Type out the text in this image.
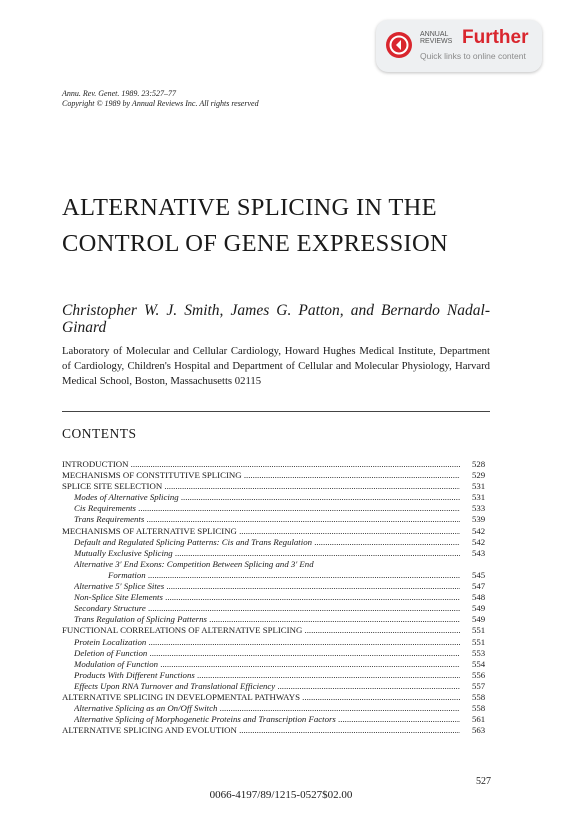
ANNUAL
REVIEWS Further
Quick links to online content
Annu. Rev. Genet. 1989. 23:527–77
Copyright © 1989 by Annual Reviews Inc. All rights reserved
ALTERNATIVE SPLICING IN THE
CONTROL OF GENE EXPRESSION
Christopher W. J. Smith, James G. Patton, and Bernardo Nadal-Ginard
Laboratory of Molecular and Cellular Cardiology, Howard Hughes Medical Institute, Department of Cardiology, Children's Hospital and Department of Cellular and Molecular Physiology, Harvard Medical School, Boston, Massachusetts 02115
CONTENTS
INTRODUCTION .....	528
MECHANISMS OF CONSTITUTIVE SPLICING .....	529
SPLICE SITE SELECTION .....	531
Modes of Alternative Splicing .....	531
Cis Requirements .....	533
Trans Requirements .....	539
MECHANISMS OF ALTERNATIVE SPLICING .....	542
Default and Regulated Splicing Patterns: Cis and Trans Regulation .....	542
Mutually Exclusive Splicing .....	543
Alternative 3′ End Exons: Competition Between Splicing and 3′ End
Formation .....	545
Alternative 5′ Splice Sites .....	547
Non-Splice Site Elements .....	548
Secondary Structure .....	549
Trans Regulation of Splicing Patterns .....	549
FUNCTIONAL CORRELATIONS OF ALTERNATIVE SPLICING .....	551
Protein Localization .....	551
Deletion of Function .....	553
Modulation of Function .....	554
Products With Different Functions .....	556
Effects Upon RNA Turnover and Translational Efficiency .....	557
ALTERNATIVE SPLICING IN DEVELOPMENTAL PATHWAYS .....	558
Alternative Splicing as an On/Off Switch .....	558
Alternative Splicing of Morphogenetic Proteins and Transcription Factors .....	561
ALTERNATIVE SPLICING AND EVOLUTION .....	563
527
0066-4197/89/1215-0527$02.00
